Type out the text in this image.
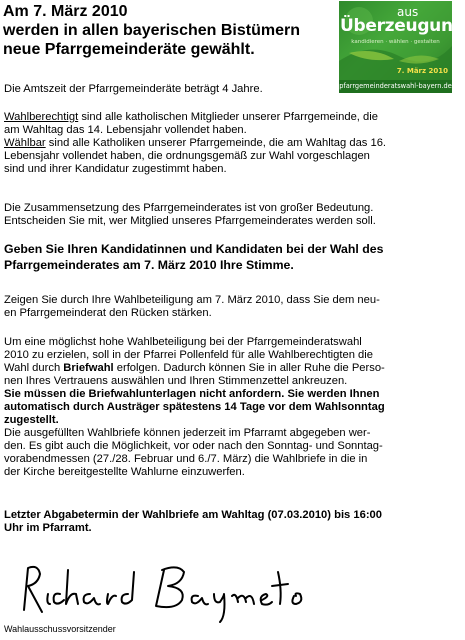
Am 7. März 2010
werden in allen bayerischen Bistümern
neue Pfarrgemeinderäte gewählt.
aus
Überzeugung
kandidieren · wählen · gestalten
7. März 2010
pfarrgemeinderatswahl-bayern.de
Die Amtszeit der Pfarrgemeinderäte beträgt 4 Jahre.
Wahlberechtigt sind alle katholischen Mitglieder unserer Pfarrgemeinde, die
am Wahltag das 14. Lebensjahr vollendet haben.
Wählbar sind alle Katholiken unserer Pfarrgemeinde, die am Wahltag das 16.
Lebensjahr vollendet haben, die ordnungsgemäß zur Wahl vorgeschlagen
sind und ihrer Kandidatur zugestimmt haben.
Die Zusammensetzung des Pfarrgemeinderates ist von großer Bedeutung.
Entscheiden Sie mit, wer Mitglied unseres Pfarrgemeinderates werden soll.
Geben Sie Ihren Kandidatinnen und Kandidaten bei der Wahl des
Pfarrgemeinderates am 7. März 2010 Ihre Stimme.
Zeigen Sie durch Ihre Wahlbeteiligung am 7. März 2010, dass Sie dem neu-
en Pfarrgemeinderat den Rücken stärken.
Um eine möglichst hohe Wahlbeteiligung bei der Pfarrgemeinderatswahl
2010 zu erzielen, soll in der Pfarrei Pollenfeld für alle Wahlberechtigten die
Wahl durch Briefwahl erfolgen. Dadurch können Sie in aller Ruhe die Perso-
nen Ihres Vertrauens auswählen und Ihren Stimmenzettel ankreuzen.
Sie müssen die Briefwahlunterlagen nicht anfordern. Sie werden Ihnen
automatisch durch Austräger spätestens 14 Tage vor dem Wahlsonntag
zugestellt.
Die ausgefüllten Wahlbriefe können jederzeit im Pfarramt abgegeben wer-
den. Es gibt auch die Möglichkeit, vor oder nach den Sonntag- und Sonntag-
vorabendmessen (27./28. Februar und 6./7. März) die Wahlbriefe in die in
der Kirche bereitgestellte Wahlurne einzuwerfen.
Letzter Abgabetermin der Wahlbriefe am Wahltag (07.03.2010) bis 16:00
Uhr im Pfarramt.
Wahlausschussvorsitzender
